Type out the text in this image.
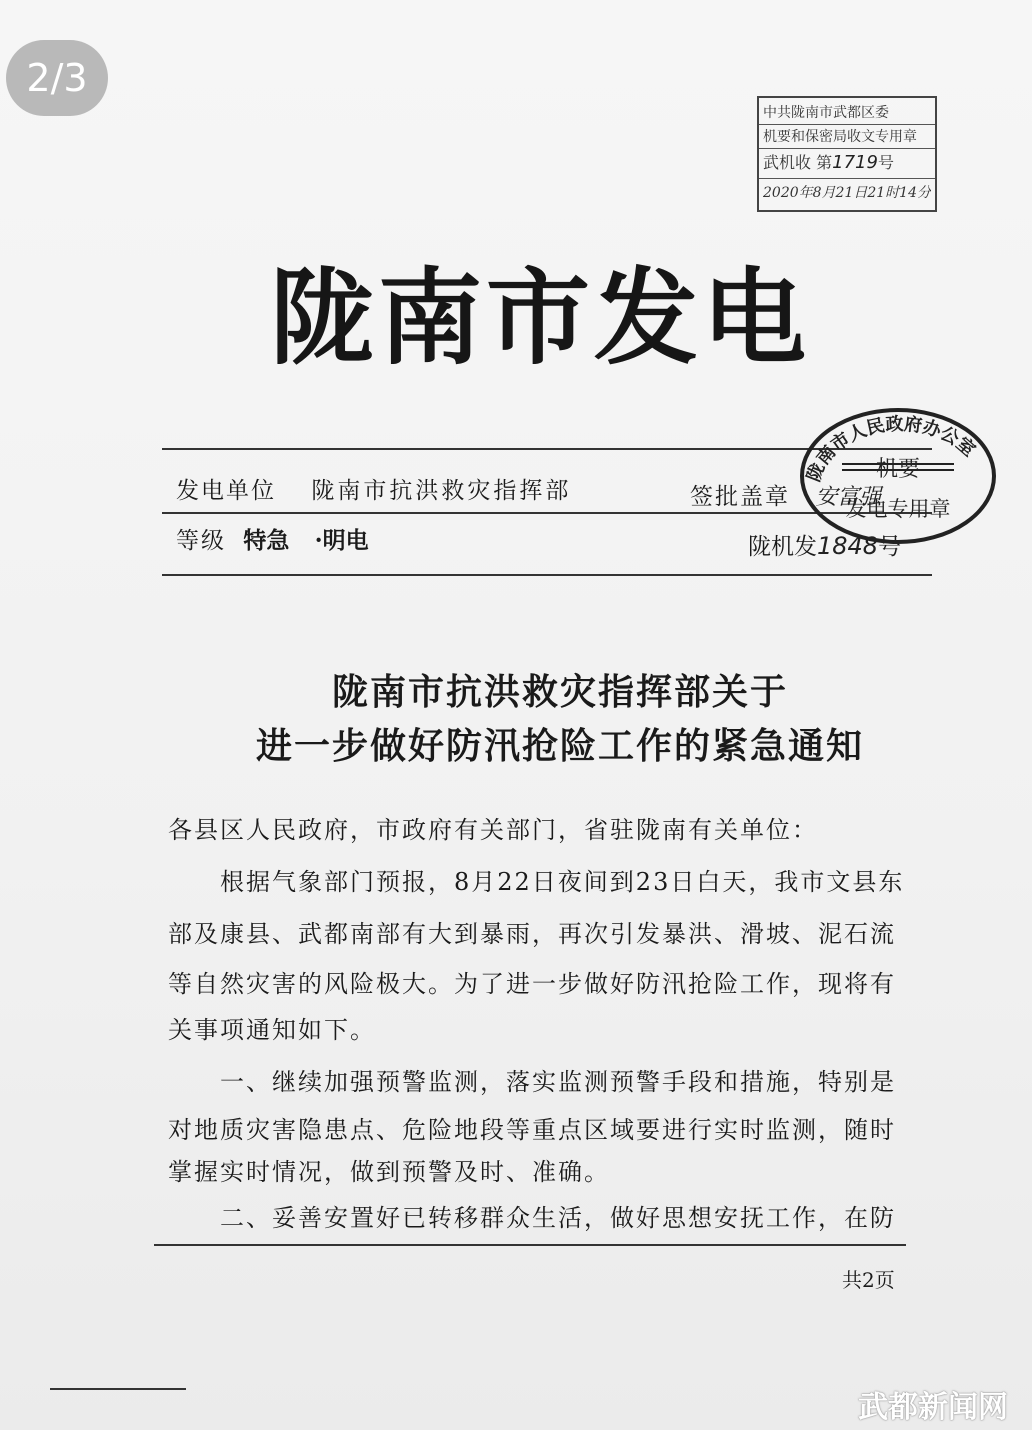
2/3
中共陇南市武都区委
机要和保密局收文专用章
武机收 第1719号
2020年8月21日21时14分
陇南市发电
发电单位 陇南市抗洪救灾指挥部	签批盖章 安富强
等级 特急 ·明电	陇机发1848号
陇南市人民政府办公室
机要
发电专用章
陇南市抗洪救灾指挥部关于
进一步做好防汛抢险工作的紧急通知
各县区人民政府，市政府有关部门，省驻陇南有关单位：
　　根据气象部门预报，8月22日夜间到23日白天，我市文县东
部及康县、武都南部有大到暴雨，再次引发暴洪、滑坡、泥石流
等自然灾害的风险极大。为了进一步做好防汛抢险工作，现将有
关事项通知如下。
　　一、继续加强预警监测，落实监测预警手段和措施，特别是
对地质灾害隐患点、危险地段等重点区域要进行实时监测，随时
掌握实时情况，做到预警及时、准确。
　　二、妥善安置好已转移群众生活，做好思想安抚工作，在防
共2页
武都新闻网
